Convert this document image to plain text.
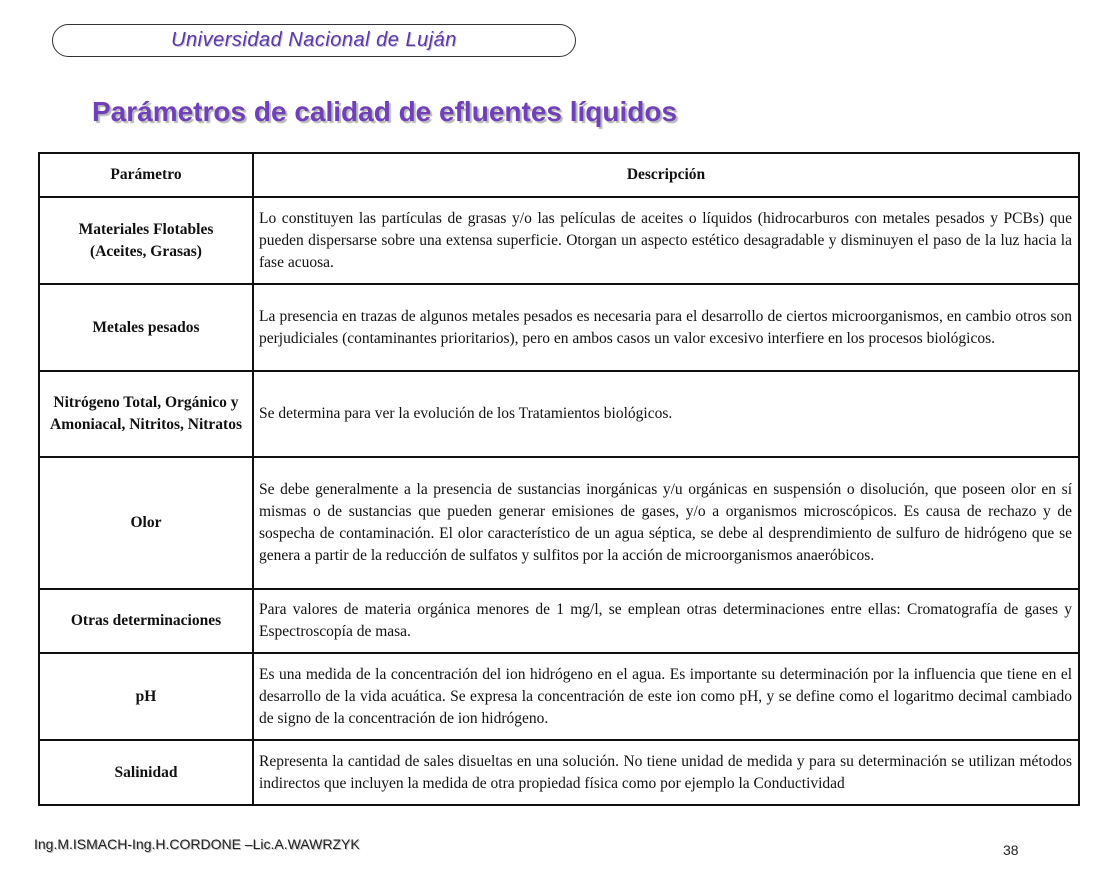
Universidad Nacional de Luján
Parámetros de calidad de efluentes líquidos
Parámetro	Descripción
Materiales Flotables (Aceites, Grasas)	Lo constituyen las partículas de grasas y/o las películas de aceites o líquidos (hidrocarburos con metales pesados y PCBs) que pueden dispersarse sobre una extensa superficie. Otorgan un aspecto estético desagradable y disminuyen el paso de la luz hacia la fase acuosa.
Metales pesados	La presencia en trazas de algunos metales pesados es necesaria para el desarrollo de ciertos microorganismos, en cambio otros son perjudiciales (contaminantes prioritarios), pero en ambos casos un valor excesivo interfiere en los procesos biológicos.
Nitrógeno Total, Orgánico y Amoniacal, Nitritos, Nitratos	Se determina para ver la evolución de los Tratamientos biológicos.
Olor	Se debe generalmente a la presencia de sustancias inorgánicas y/u orgánicas en suspensión o disolución, que poseen olor en sí mismas o de sustancias que pueden generar emisiones de gases, y/o a organismos microscópicos. Es causa de rechazo y de sospecha de contaminación. El olor característico de un agua séptica, se debe al desprendimiento de sulfuro de hidrógeno que se genera a partir de la reducción de sulfatos y sulfitos por la acción de microorganismos anaeróbicos.
Otras determinaciones	Para valores de materia orgánica menores de 1 mg/l, se emplean otras determinaciones entre ellas: Cromatografía de gases y Espectroscopía de masa.
pH	Es una medida de la concentración del ion hidrógeno en el agua. Es importante su determinación por la influencia que tiene en el desarrollo de la vida acuática. Se expresa la concentración de este ion como pH, y se define como el logaritmo decimal cambiado de signo de la concentración de ion hidrógeno.
Salinidad	Representa la cantidad de sales disueltas en una solución. No tiene unidad de medida y para su determinación se utilizan métodos indirectos que incluyen la medida de otra propiedad física como por ejemplo la Conductividad
Ing.M.ISMACH-Ing.H.CORDONE –Lic.A.WAWRZYK	38
